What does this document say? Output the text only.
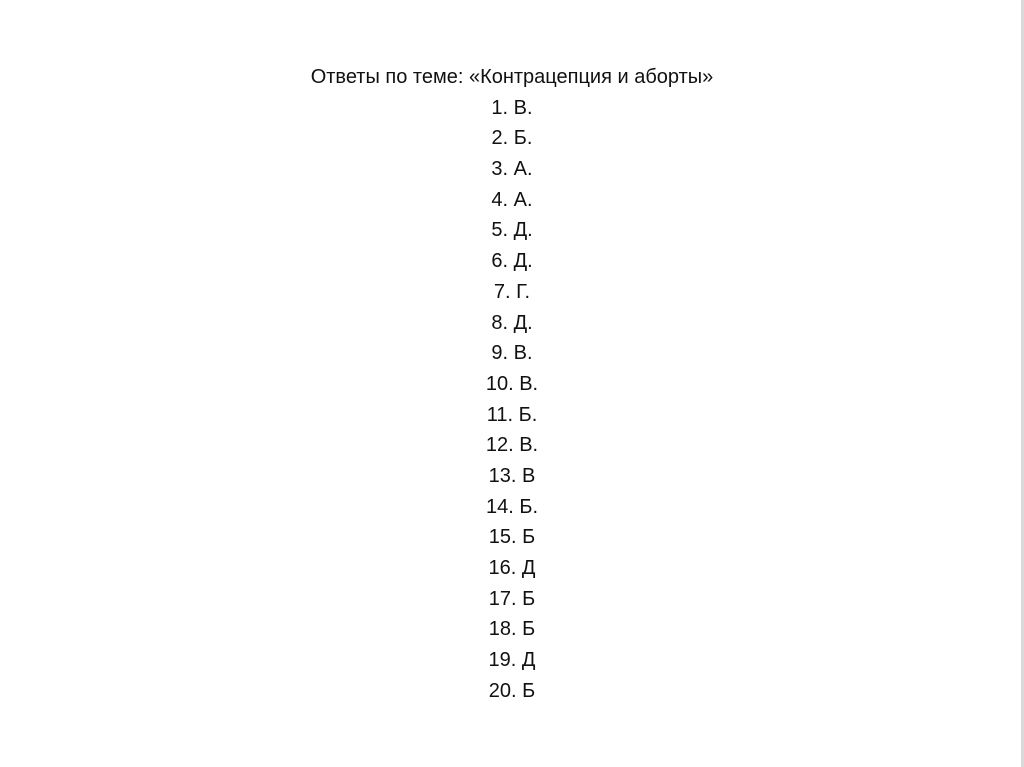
Ответы по теме: «Контрацепция и аборты»
1. В.
2. Б.
3. А.
4. А.
5. Д.
6. Д.
7. Г.
8. Д.
9. В.
10. В.
11. Б.
12. В.
13. В
14. Б.
15. Б
16. Д
17. Б
18. Б
19. Д
20. Б
